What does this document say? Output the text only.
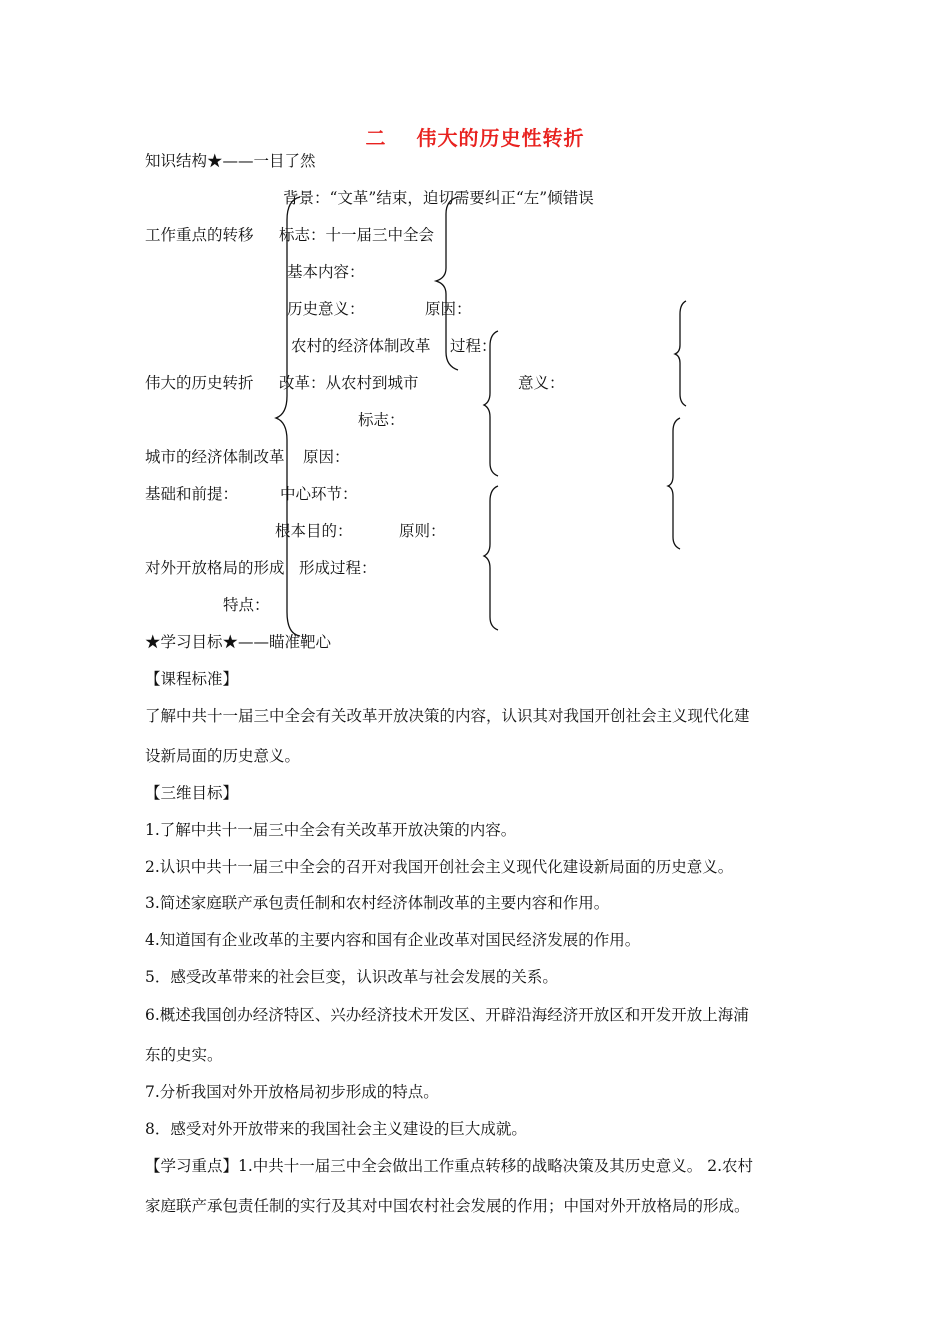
二 伟大的历史性转折
知识结构★——一目了然
背景：“文革”结束，迫切需要纠正“左”倾错误
工作重点的转移 标志：十一届三中全会
基本内容：
历史意义：	原因：
农村的经济体制改革 过程：
伟大的历史转折 改革：从农村到城市	意义：
标志：
城市的经济体制改革 原因：
基础和前提：	中心环节：
根本目的：	原则：
对外开放格局的形成 形成过程：
特点：
★学习目标★——瞄准靶心
【课程标准】
了解中共十一届三中全会有关改革开放决策的内容，认识其对我国开创社会主义现代化建
设新局面的历史意义。
【三维目标】
1.了解中共十一届三中全会有关改革开放决策的内容。
2.认识中共十一届三中全会的召开对我国开创社会主义现代化建设新局面的历史意义。
3.简述家庭联产承包责任制和农村经济体制改革的主要内容和作用。
4.知道国有企业改革的主要内容和国有企业改革对国民经济发展的作用。
5．感受改革带来的社会巨变，认识改革与社会发展的关系。
6.概述我国创办经济特区、兴办经济技术开发区、开辟沿海经济开放区和开发开放上海浦
东的史实。
7.分析我国对外开放格局初步形成的特点。
8．感受对外开放带来的我国社会主义建设的巨大成就。
【学习重点】1.中共十一届三中全会做出工作重点转移的战略决策及其历史意义。 2.农村
家庭联产承包责任制的实行及其对中国农村社会发展的作用；中国对外开放格局的形成。
